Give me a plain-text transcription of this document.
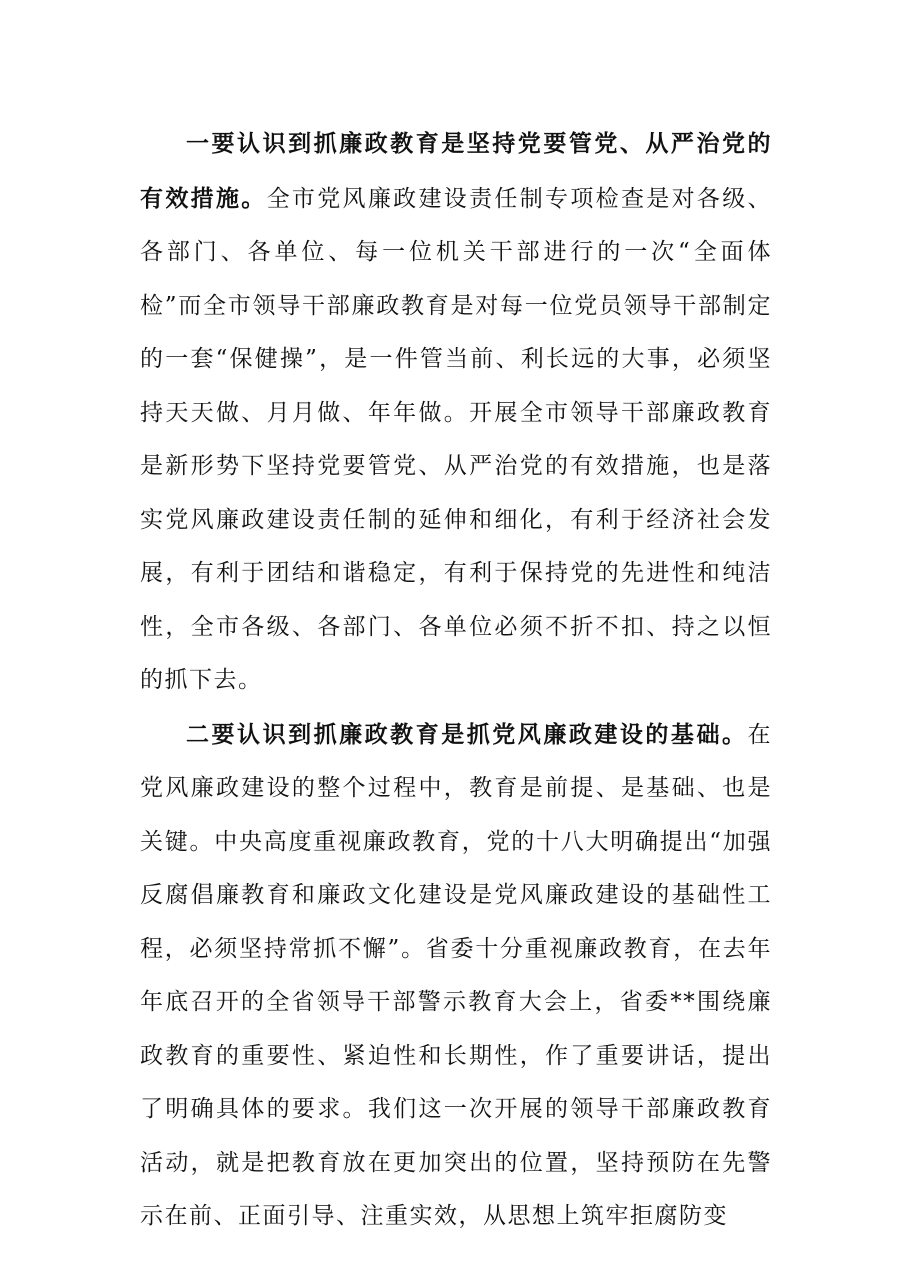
一要认识到抓廉政教育是坚持党要管党、从严治党的有效措施。全市党风廉政建设责任制专项检查是对各级、各部门、各单位、每一位机关干部进行的一次“全面体检”而全市领导干部廉政教育是对每一位党员领导干部制定的一套“保健操”，是一件管当前、利长远的大事，必须坚持天天做、月月做、年年做。开展全市领导干部廉政教育是新形势下坚持党要管党、从严治党的有效措施，也是落实党风廉政建设责任制的延伸和细化，有利于经济社会发展，有利于团结和谐稳定，有利于保持党的先进性和纯洁性，全市各级、各部门、各单位必须不折不扣、持之以恒的抓下去。

二要认识到抓廉政教育是抓党风廉政建设的基础。在党风廉政建设的整个过程中，教育是前提、是基础、也是关键。中央高度重视廉政教育，党的十八大明确提出“加强反腐倡廉教育和廉政文化建设是党风廉政建设的基础性工程，必须坚持常抓不懈”。省委十分重视廉政教育，在去年年底召开的全省领导干部警示教育大会上，省委**围绕廉政教育的重要性、紧迫性和长期性，作了重要讲话，提出了明确具体的要求。我们这一次开展的领导干部廉政教育活动，就是把教育放在更加突出的位置，坚持预防在先警示在前、正面引导、注重实效，从思想上筑牢拒腐防变
